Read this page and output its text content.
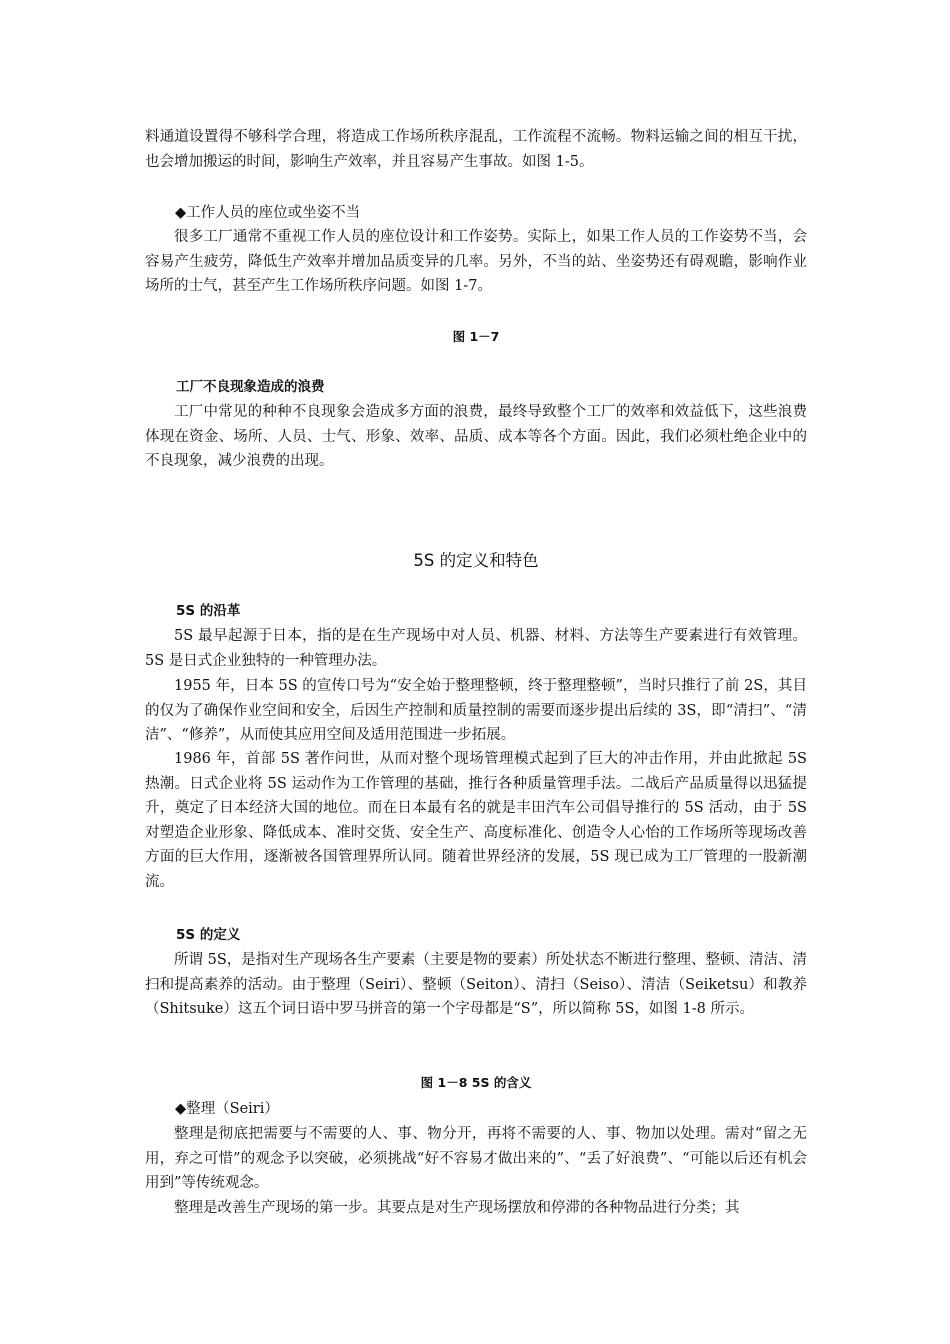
料通道设置得不够科学合理，将造成工作场所秩序混乱，工作流程不流畅。物料运输之间的相互干扰，也会增加搬运的时间，影响生产效率，并且容易产生事故。如图 1-5。

◆工作人员的座位或坐姿不当

很多工厂通常不重视工作人员的座位设计和工作姿势。实际上，如果工作人员的工作姿势不当，会容易产生疲劳，降低生产效率并增加品质变异的几率。另外，不当的站、坐姿势还有碍观瞻，影响作业场所的士气，甚至产生工作场所秩序问题。如图 1-7。

图 1－7

工厂不良现象造成的浪费

工厂中常见的种种不良现象会造成多方面的浪费，最终导致整个工厂的效率和效益低下，这些浪费体现在资金、场所、人员、士气、形象、效率、品质、成本等各个方面。因此，我们必须杜绝企业中的不良现象，减少浪费的出现。

5S 的定义和特色

5S 的沿革

5S 最早起源于日本，指的是在生产现场中对人员、机器、材料、方法等生产要素进行有效管理。5S 是日式企业独特的一种管理办法。

1955 年，日本 5S 的宣传口号为“安全始于整理整顿，终于整理整顿”，当时只推行了前 2S，其目的仅为了确保作业空间和安全，后因生产控制和质量控制的需要而逐步提出后续的 3S，即“清扫”、“清洁”、“修养”，从而使其应用空间及适用范围进一步拓展。

1986 年，首部 5S 著作问世，从而对整个现场管理模式起到了巨大的冲击作用，并由此掀起 5S 热潮。日式企业将 5S 运动作为工作管理的基础，推行各种质量管理手法。二战后产品质量得以迅猛提升，奠定了日本经济大国的地位。而在日本最有名的就是丰田汽车公司倡导推行的 5S 活动，由于 5S 对塑造企业形象、降低成本、准时交货、安全生产、高度标准化、创造令人心怡的工作场所等现场改善方面的巨大作用，逐渐被各国管理界所认同。随着世界经济的发展，5S 现已成为工厂管理的一股新潮流。

5S 的定义

所谓 5S，是指对生产现场各生产要素（主要是物的要素）所处状态不断进行整理、整顿、清洁、清扫和提高素养的活动。由于整理（Seiri）、整顿（Seiton）、清扫（Seiso）、清洁（Seiketsu）和教养（Shitsuke）这五个词日语中罗马拼音的第一个字母都是“S”，所以简称 5S，如图 1-8 所示。

图 1－8 5S 的含义

◆整理（Seiri）

整理是彻底把需要与不需要的人、事、物分开，再将不需要的人、事、物加以处理。需对“留之无用，弃之可惜”的观念予以突破，必须挑战“好不容易才做出来的”、“丢了好浪费”、“可能以后还有机会用到”等传统观念。

整理是改善生产现场的第一步。其要点是对生产现场摆放和停滞的各种物品进行分类；其
